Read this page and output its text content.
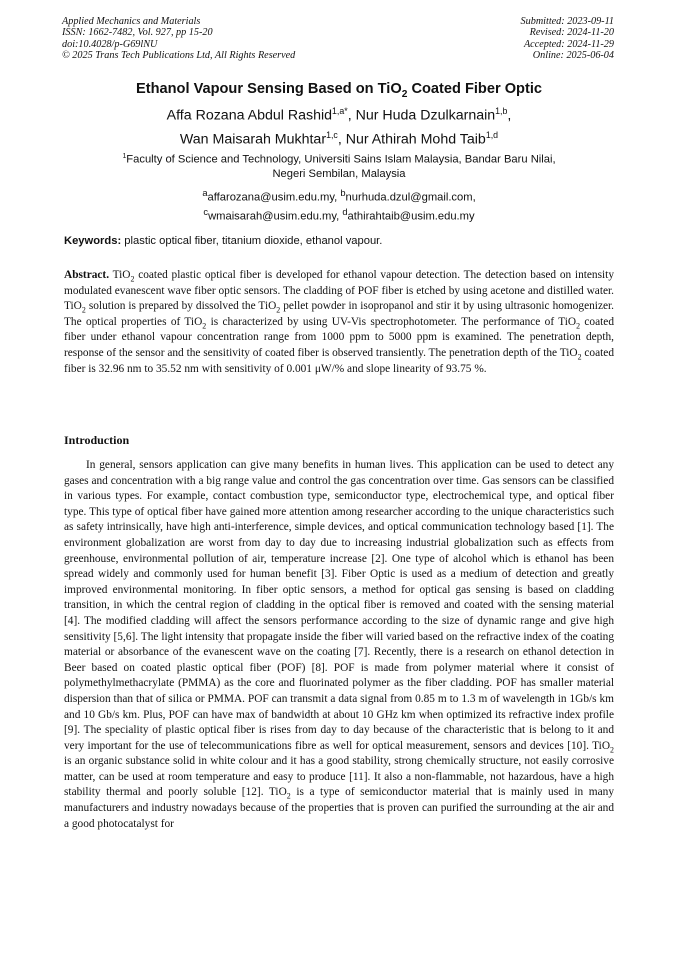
Applied Mechanics and Materials
ISSN: 1662-7482, Vol. 927, pp 15-20
doi:10.4028/p-G69lNU
© 2025 Trans Tech Publications Ltd, All Rights Reserved
Submitted: 2023-09-11
Revised: 2024-11-20
Accepted: 2024-11-29
Online: 2025-06-04
Ethanol Vapour Sensing Based on TiO$_2$ Coated Fiber Optic
Affa Rozana Abdul Rashid$^{1,a*}$, Nur Huda Dzulkarnain$^{1,b}$,
Wan Maisarah Mukhtar$^{1,c}$, Nur Athirah Mohd Taib$^{1,d}$
$^1$Faculty of Science and Technology, Universiti Sains Islam Malaysia, Bandar Baru Nilai,
Negeri Sembilan, Malaysia
$^a$affarozana@usim.edu.my, $^b$nurhuda.dzul@gmail.com,
$^c$wmaisarah@usim.edu.my, $^d$athirahtaib@usim.edu.my
Keywords: plastic optical fiber, titanium dioxide, ethanol vapour.
Abstract. TiO$_2$ coated plastic optical fiber is developed for ethanol vapour detection. The detection based on intensity modulated evanescent wave fiber optic sensors. The cladding of POF fiber is etched by using acetone and distilled water. TiO$_2$ solution is prepared by dissolved the TiO$_2$ pellet powder in isopropanol and stir it by using ultrasonic homogenizer. The optical properties of TiO$_2$ is characterized by using UV-Vis spectrophotometer. The performance of TiO$_2$ coated fiber under ethanol vapour concentration range from 1000 ppm to 5000 ppm is examined. The penetration depth, response of the sensor and the sensitivity of coated fiber is observed transiently. The penetration depth of the TiO$_2$ coated fiber is 32.96 nm to 35.52 nm with sensitivity of 0.001 μW/% and slope linearity of 93.75 %.
Introduction
In general, sensors application can give many benefits in human lives. This application can be used to detect any gases and concentration with a big range value and control the gas concentration over time. Gas sensors can be classified in various types. For example, contact combustion type, semiconductor type, electrochemical type, and optical fiber type. This type of optical fiber have gained more attention among researcher according to the unique characteristics such as safety intrinsically, have high anti-interference, simple devices, and optical communication technology based [1]. The environment globalization are worst from day to day due to increasing industrial globalization such as effects from greenhouse, environmental pollution of air, temperature increase [2]. One type of alcohol which is ethanol has been spread widely and commonly used for human benefit [3]. Fiber Optic is used as a medium of detection and greatly improved environmental monitoring. In fiber optic sensors, a method for optical gas sensing is based on cladding transition, in which the central region of cladding in the optical fiber is removed and coated with the sensing material [4]. The modified cladding will affect the sensors performance according to the size of dynamic range and give high sensitivity [5,6]. The light intensity that propagate inside the fiber will varied based on the refractive index of the coating material or absorbance of the evanescent wave on the coating [7]. Recently, there is a research on ethanol detection in Beer based on coated plastic optical fiber (POF) [8]. POF is made from polymer material where it consist of polymethylmethacrylate (PMMA) as the core and fluorinated polymer as the fiber cladding. POF has smaller material dispersion than that of silica or PMMA. POF can transmit a data signal from 0.85 m to 1.3 m of wavelength in 1Gb/s km and 10 Gb/s km. Plus, POF can have max of bandwidth at about 10 GHz km when optimized its refractive index profile [9]. The speciality of plastic optical fiber is rises from day to day because of the characteristic that is belong to it and very important for the use of telecommunications fibre as well for optical measurement, sensors and devices [10]. TiO$_2$ is an organic substance solid in white colour and it has a good stability, strong chemically structure, not easily corrosive matter, can be used at room temperature and easy to produce [11]. It also a non-flammable, not hazardous, have a high stability thermal and poorly soluble [12]. TiO$_2$ is a type of semiconductor material that is mainly used in many manufacturers and industry nowadays because of the properties that is proven can purified the surrounding at the air and a good photocatalyst for
